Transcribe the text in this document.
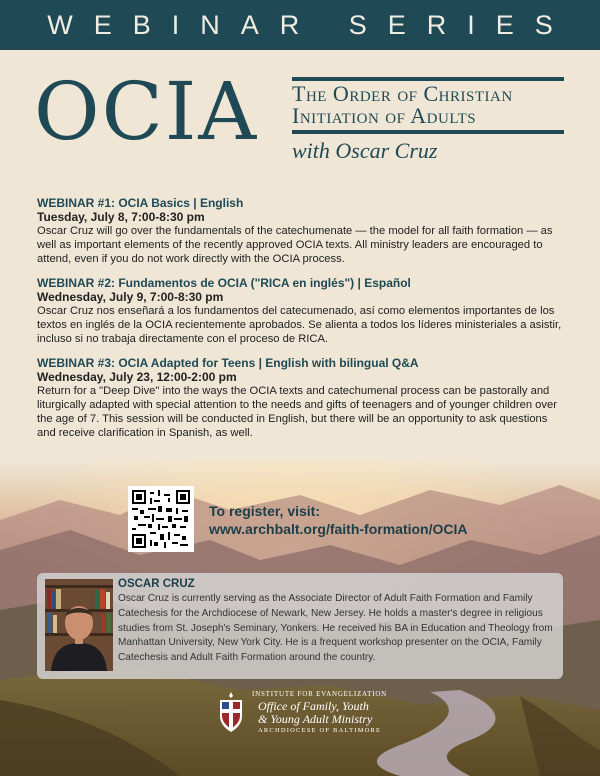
WEBINAR SERIES
OCIA The Order of Christian
Initiation of Adults
with Oscar Cruz
WEBINAR #1: OCIA Basics | English
Tuesday, July 8, 7:00-8:30 pm
Oscar Cruz will go over the fundamentals of the catechumenate — the model for all faith formation — as well as important elements of the recently approved OCIA texts. All ministry leaders are encouraged to attend, even if you do not work directly with the OCIA process.
WEBINAR #2: Fundamentos de OCIA ("RICA en inglés") | Español
Wednesday, July 9, 7:00-8:30 pm
Oscar Cruz nos enseñará a los fundamentos del catecumenado, así como elementos importantes de los textos en inglés de la OCIA recientemente aprobados. Se alienta a todos los líderes ministeriales a asistir, incluso si no trabaja directamente con el proceso de RICA.
WEBINAR #3: OCIA Adapted for Teens | English with bilingual Q&A
Wednesday, July 23, 12:00-2:00 pm
Return for a "Deep Dive" into the ways the OCIA texts and catechumenal process can be pastorally and liturgically adapted with special attention to the needs and gifts of teenagers and of younger children over the age of 7. This session will be conducted in English, but there will be an opportunity to ask questions and receive clarification in Spanish, as well.
To register, visit:
www.archbalt.org/faith-formation/OCIA
OSCAR CRUZ
Oscar Cruz is currently serving as the Associate Director of Adult Faith Formation and Family Catechesis for the Archdiocese of Newark, New Jersey. He holds a master's degree in religious studies from St. Joseph's Seminary, Yonkers. He received his BA in Education and Theology from Manhattan University, New York City. He is a frequent workshop presenter on the OCIA, Family Catechesis and Adult Faith Formation around the country.
INSTITUTE FOR EVANGELIZATION
Office of Family, Youth
& Young Adult Ministry
ARCHDIOCESE OF BALTIMORE
